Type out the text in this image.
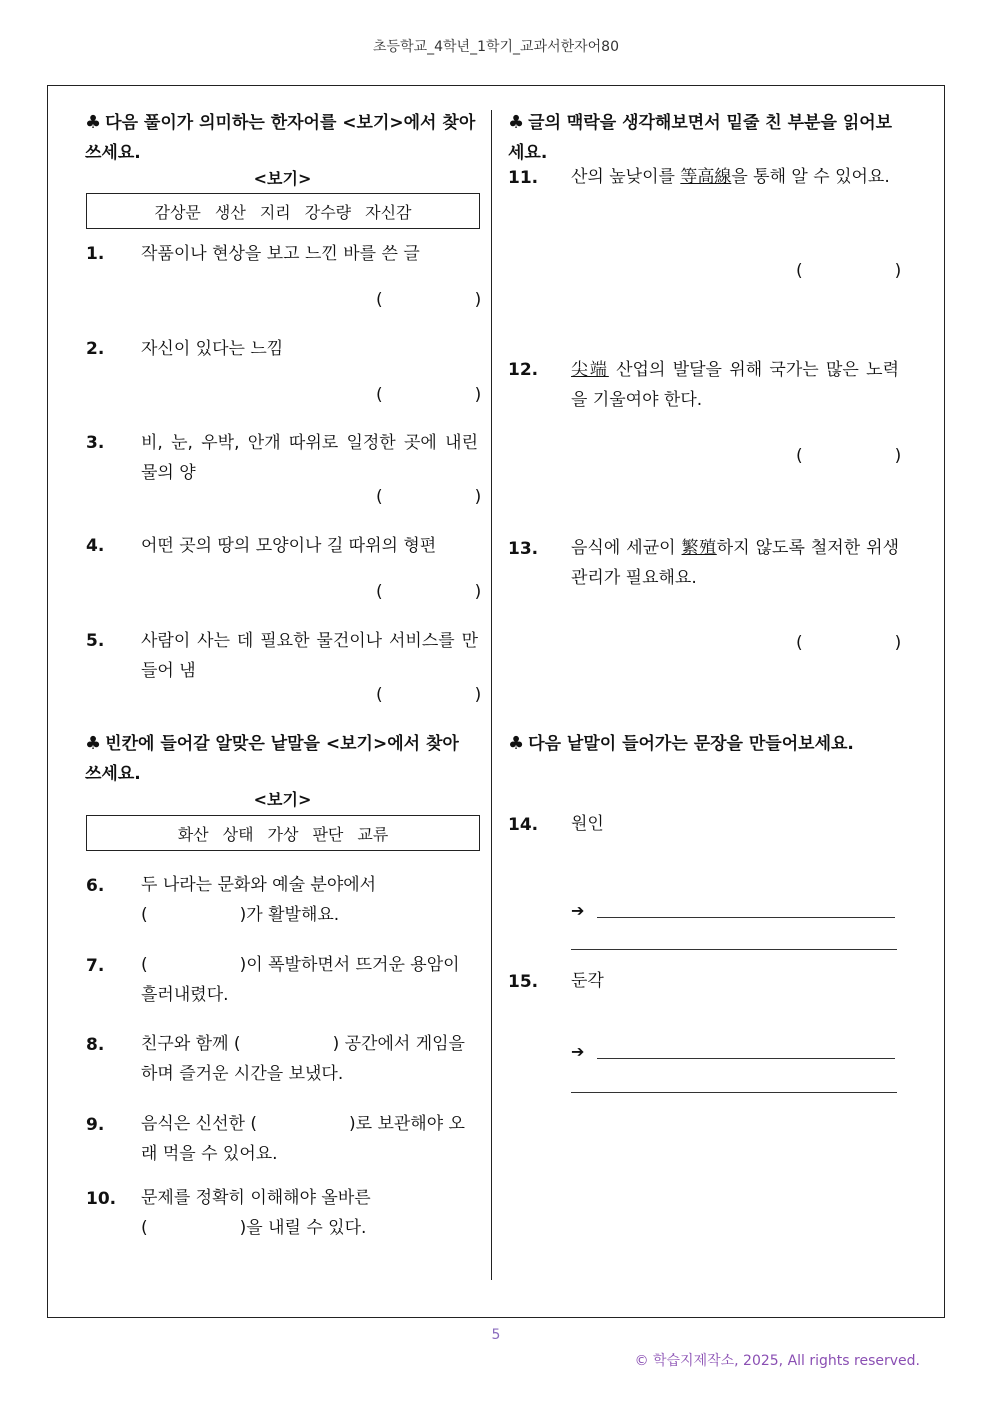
초등학교_4학년_1학기_교과서한자어80
♣ 다음 풀이가 의미하는 한자어를 <보기>에서 찾아 쓰세요.
<보기>
감상문 생산 지리 강수량 자신감
1. 작품이나 현상을 보고 느낀 바를 쓴 글
(	)
2. 자신이 있다는 느낌
(	)
3. 비, 눈, 우박, 안개 따위로 일정한 곳에 내린 물의 양
(	)
4. 어떤 곳의 땅의 모양이나 길 따위의 형편
(	)
5. 사람이 사는 데 필요한 물건이나 서비스를 만들어 냄
(	)
♣ 빈칸에 들어갈 알맞은 낱말을 <보기>에서 찾아 쓰세요.
<보기>
화산 상태 가상 판단 교류
6. 두 나라는 문화와 예술 분야에서
(	)가 활발해요.
7. (	)이 폭발하면서 뜨거운 용암이
흘러내렸다.
8. 친구와 함께 (	) 공간에서 게임을
하며 즐거운 시간을 보냈다.
9. 음식은 신선한 (	)로 보관해야 오
래 먹을 수 있어요.
10. 문제를 정확히 이해해야 올바른
(	)을 내릴 수 있다.
♣ 글의 맥락을 생각해보면서 밑줄 친 부분을 읽어보세요.
11. 산의 높낮이를 等高線을 통해 알 수 있어요.
(	)
12. 尖端 산업의 발달을 위해 국가는 많은 노력을 기울여야 한다.
(	)
13. 음식에 세균이 繁殖하지 않도록 철저한 위생 관리가 필요해요.
(	)
♣ 다음 낱말이 들어가는 문장을 만들어보세요.
14. 원인
➔
15. 둔각
➔
5
© 학습지제작소, 2025, All rights reserved.
